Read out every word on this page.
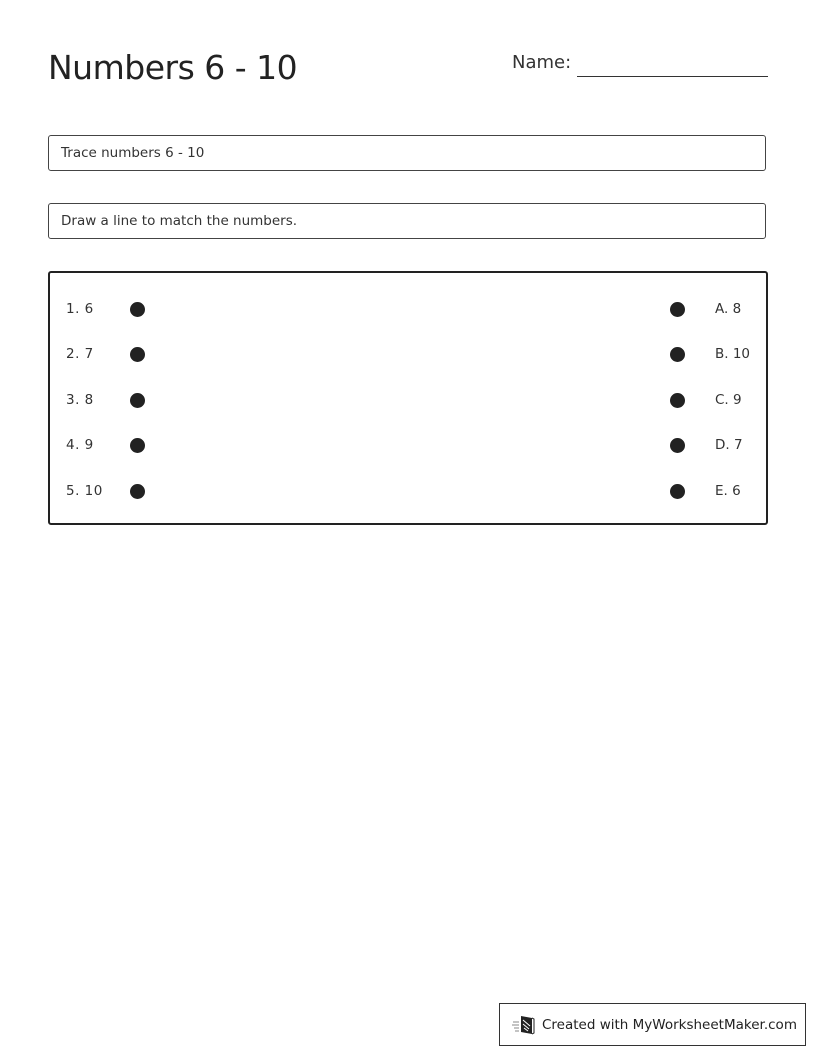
Numbers 6 - 10	Name:
Trace numbers 6 - 10
Draw a line to match the numbers.
1. 6	A. 8
2. 7	B. 10
3. 8	C. 9
4. 9	D. 7
5. 10	E. 6
Created with MyWorksheetMaker.com
